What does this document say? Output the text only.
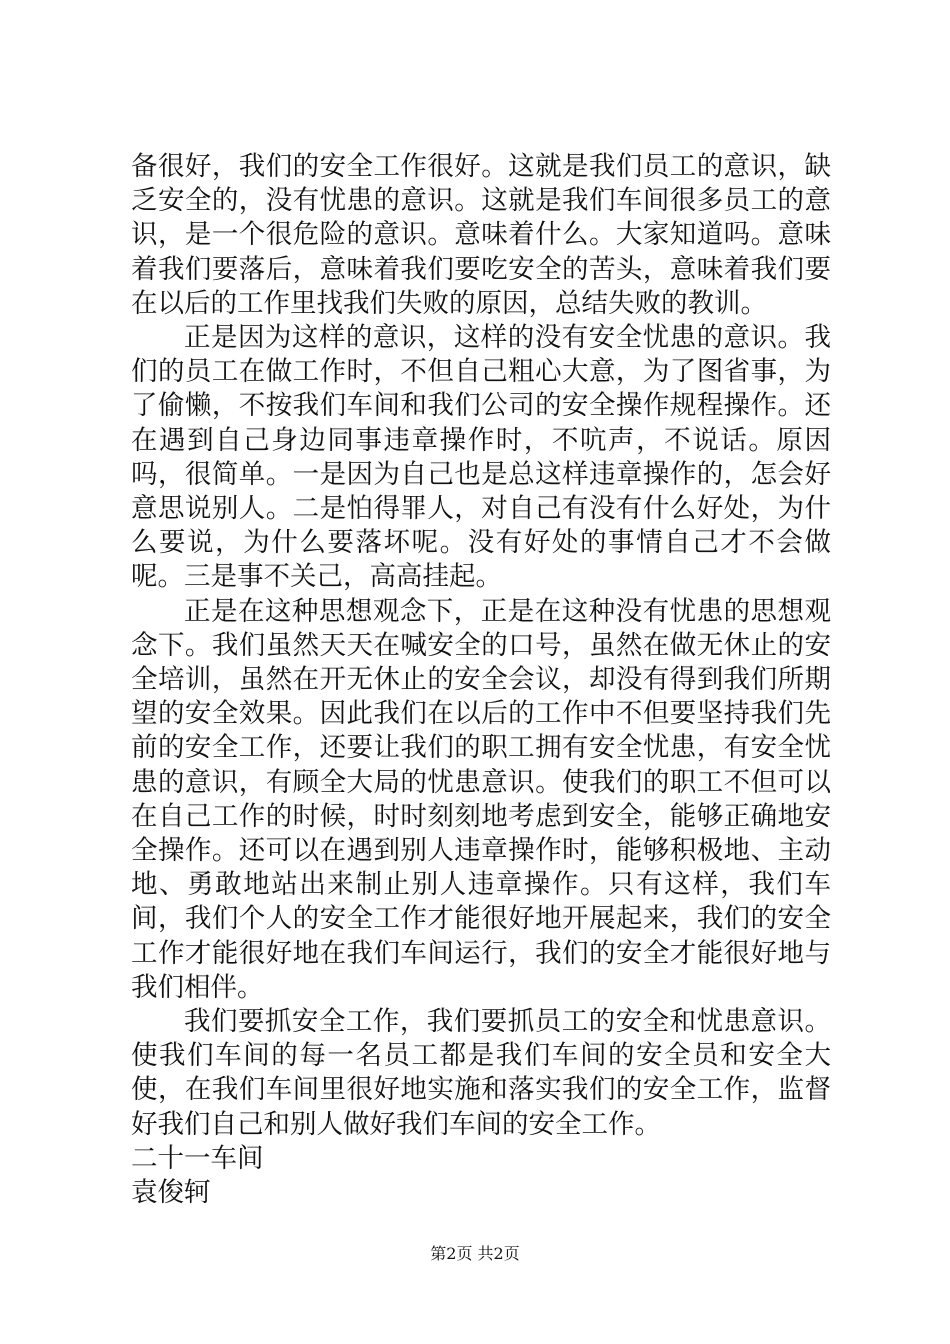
备很好，我们的安全工作很好。这就是我们员工的意识，缺乏安全的，没有忧患的意识。这就是我们车间很多员工的意识，是一个很危险的意识。意味着什么。大家知道吗。意味着我们要落后，意味着我们要吃安全的苦头，意味着我们要在以后的工作里找我们失败的原因，总结失败的教训。

正是因为这样的意识，这样的没有安全忧患的意识。我们的员工在做工作时，不但自己粗心大意，为了图省事，为了偷懒，不按我们车间和我们公司的安全操作规程操作。还在遇到自己身边同事违章操作时，不吭声，不说话。原因吗，很简单。一是因为自己也是总这样违章操作的，怎会好意思说别人。二是怕得罪人，对自己有没有什么好处，为什么要说，为什么要落坏呢。没有好处的事情自己才不会做呢。三是事不关己，高高挂起。

正是在这种思想观念下，正是在这种没有忧患的思想观念下。我们虽然天天在喊安全的口号，虽然在做无休止的安全培训，虽然在开无休止的安全会议，却没有得到我们所期望的安全效果。因此我们在以后的工作中不但要坚持我们先前的安全工作，还要让我们的职工拥有安全忧患，有安全忧患的意识，有顾全大局的忧患意识。使我们的职工不但可以在自己工作的时候，时时刻刻地考虑到安全，能够正确地安全操作。还可以在遇到别人违章操作时，能够积极地、主动地、勇敢地站出来制止别人违章操作。只有这样，我们车间，我们个人的安全工作才能很好地开展起来，我们的安全工作才能很好地在我们车间运行，我们的安全才能很好地与我们相伴。

我们要抓安全工作，我们要抓员工的安全和忧患意识。使我们车间的每一名员工都是我们车间的安全员和安全大使，在我们车间里很好地实施和落实我们的安全工作，监督好我们自己和别人做好我们车间的安全工作。

二十一车间

袁俊轲

第2页 共2页
